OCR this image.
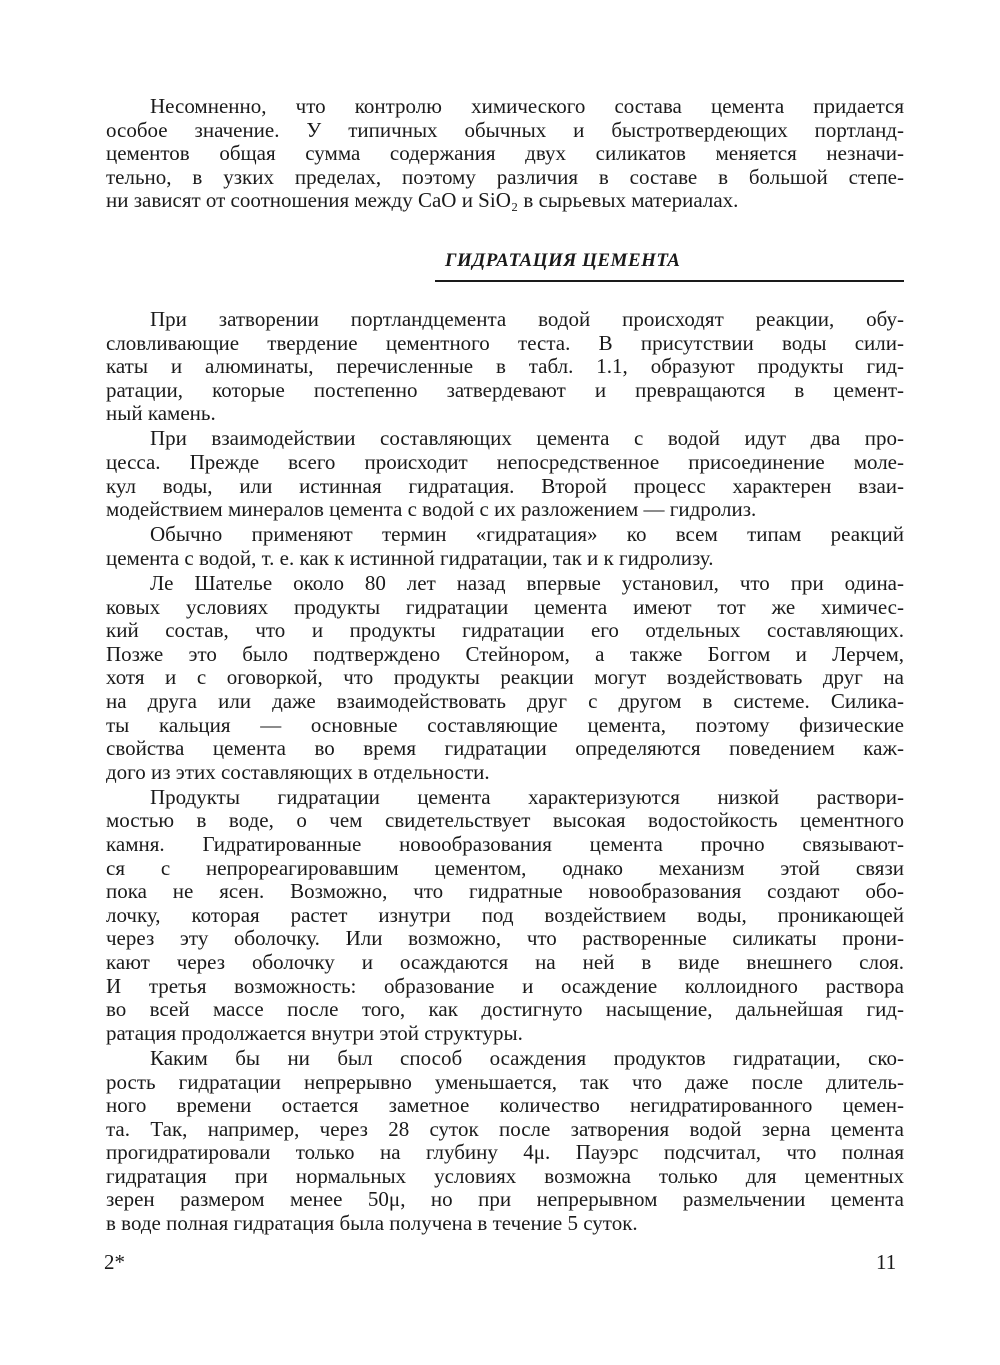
Несомненно, что контролю химического состава цемента придается
особое значение. У типичных обычных и быстротвердеющих портланд-
цементов общая сумма содержания двух силикатов меняется незначи-
тельно, в узких пределах, поэтому различия в составе в большой степе-
ни зависят от соотношения между CaO и SiO₂ в сырьевых материалах.
ГИДРАТАЦИЯ ЦЕМЕНТА
При затворении портландцемента водой происходят реакции, обу-
словливающие твердение цементного теста. В присутствии воды сили-
каты и алюминаты, перечисленные в табл. 1.1, образуют продукты гид-
ратации, которые постепенно затвердевают и превращаются в цемент-
ный камень.
При взаимодействии составляющих цемента с водой идут два про-
цесса. Прежде всего происходит непосредственное присоединение моле-
кул воды, или истинная гидратация. Второй процесс характерен взаи-
модействием минералов цемента с водой с их разложением — гидролиз.
Обычно применяют термин «гидратация» ко всем типам реакций
цемента с водой, т. е. как к истинной гидратации, так и к гидролизу.
Ле Шателье около 80 лет назад впервые установил, что при одина-
ковых условиях продукты гидратации цемента имеют тот же химичес-
кий состав, что и продукты гидратации его отдельных составляющих.
Позже это было подтверждено Стейнором, а также Боггом и Лерчем,
хотя и с оговоркой, что продукты реакции могут воздействовать друг на
на друга или даже взаимодействовать друг с другом в системе. Силика-
ты кальция — основные составляющие цемента, поэтому физические
свойства цемента во время гидратации определяются поведением каж-
дого из этих составляющих в отдельности.
Продукты гидратации цемента характеризуются низкой раствори-
мостью в воде, о чем свидетельствует высокая водостойкость цементного
камня. Гидратированные новообразования цемента прочно связывают-
ся с непрореагировавшим цементом, однако механизм этой связи
пока не ясен. Возможно, что гидратные новообразования создают обо-
лочку, которая растет изнутри под воздействием воды, проникающей
через эту оболочку. Или возможно, что растворенные силикаты прони-
кают через оболочку и осаждаются на ней в виде внешнего слоя.
И третья возможность: образование и осаждение коллоидного раствора
во всей массе после того, как достигнуто насыщение, дальнейшая гид-
ратация продолжается внутри этой структуры.
Каким бы ни был способ осаждения продуктов гидратации, ско-
рость гидратации непрерывно уменьшается, так что даже после длитель-
ного времени остается заметное количество негидратированного цемен-
та. Так, например, через 28 суток после затворения водой зерна цемента
прогидратировали только на глубину 4μ. Пауэрс подсчитал, что полная
гидратация при нормальных условиях возможна только для цементных
зерен размером менее 50μ, но при непрерывном размельчении цемента
в воде полная гидратация была получена в течение 5 суток.
2*	11
